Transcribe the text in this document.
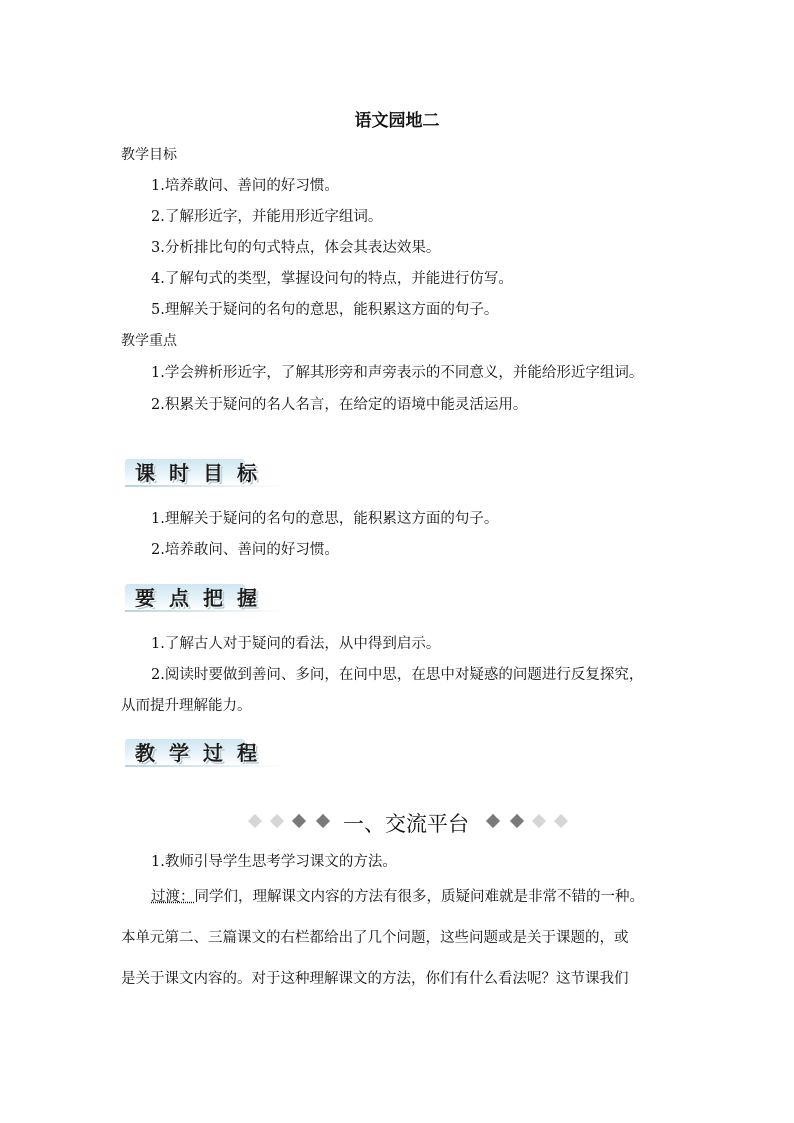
语文园地二
教学目标
1.培养敢问、善问的好习惯。
2.了解形近字，并能用形近字组词。
3.分析排比句的句式特点，体会其表达效果。
4.了解句式的类型，掌握设问句的特点，并能进行仿写。
5.理解关于疑问的名句的意思，能积累这方面的句子。
教学重点
1.学会辨析形近字，了解其形旁和声旁表示的不同意义，并能给形近字组词。
2.积累关于疑问的名人名言，在给定的语境中能灵活运用。
课时目标
1.理解关于疑问的名句的意思，能积累这方面的句子。
2.培养敢问、善问的好习惯。
要点把握
1.了解古人对于疑问的看法，从中得到启示。
2.阅读时要做到善问、多问，在问中思，在思中对疑惑的问题进行反复探究，
从而提升理解能力。
教学过程
一、交流平台
1.教师引导学生思考学习课文的方法。
过渡：同学们，理解课文内容的方法有很多，质疑问难就是非常不错的一种。
本单元第二、三篇课文的右栏都给出了几个问题，这些问题或是关于课题的，或
是关于课文内容的。对于这种理解课文的方法，你们有什么看法呢？这节课我们
